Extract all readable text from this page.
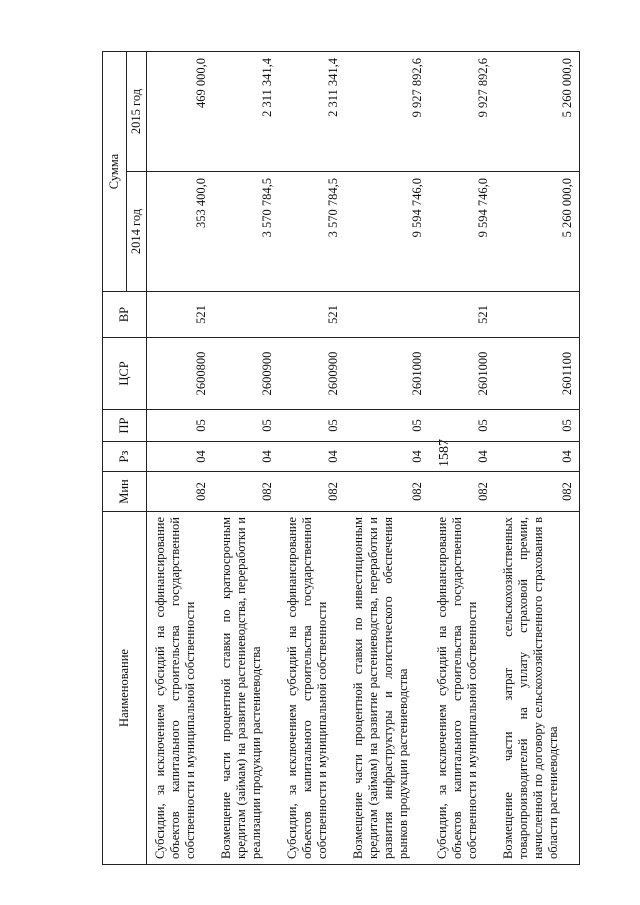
1587
Наименование	Мин	Рз	ПР	ЦСР	ВР	Сумма	
						2014 год	2015 год
Субсидии, за исключением субсидий на софинансирование объектов капитального строительства государственной собственности и муниципальной собственности	082	04	05	2600800	521	353 400,0	469 000,0
Возмещение части процентной ставки по краткосрочным кредитам (займам) на развитие растениеводства, переработки и реализации продукции растениеводства	082	04	05	2600900		3 570 784,5	2 311 341,4
Субсидии, за исключением субсидий на софинансирование объектов капитального строительства государственной собственности и муниципальной собственности	082	04	05	2600900	521	3 570 784,5	2 311 341,4
Возмещение части процентной ставки по инвестиционным кредитам (займам) на развитие растениеводства, переработки и развития инфраструктуры и логистического обеспечения рынков продукции растениеводства	082	04	05	2601000		9 594 746,0	9 927 892,6
Субсидии, за исключением субсидий на софинансирование объектов капитального строительства государственной собственности и муниципальной собственности	082	04	05	2601000	521	9 594 746,0	9 927 892,6
Возмещение части затрат сельскохозяйственных товаропроизводителей на уплату страховой премии, начисленной по договору сельскохозяйственного страхования в области растениеводства	082	04	05	2601100		5 260 000,0	5 260 000,0
